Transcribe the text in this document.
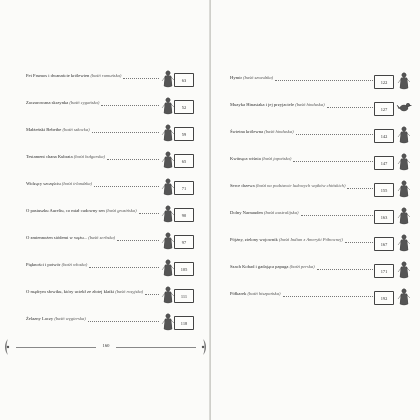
Fet Frumos i dwanaście królewien (baśń rumuńska)
63
Zaczarowana skrzynka (baśń cygańska)
52
Małżeński Bebetbe (baśń szkocka)
59
Testament chana Kubrata (baśń bułgarska)
65
Widzący szczęściu (baśń irlandzka)
71
O pastuszku Aureliu, co miał cudowny sen (baśń gruzińska)
90
O zmiennożen siódemi w wężu... (baśń serbska)
97
Piękności i potwór (baśń włoska)
105
O mądrym słowiku, który uciekł ze złotej klatki (baśń rosyjska)
111
Żelazny Laczy (baśń węgierska)
118
Hymir (baśń szwedzka)
122
Muzyka Hinasiaka i jej przyjaciele (baśń hinduska)
127
Świetna królewna (baśń hinduska)
142
Kwitnąca wiśnia (baśń japońska)
147
Serce drzewa (baśń na podstawie ludowych wątków chińskich)
155
Dolny Narnauden (baśń australijska)
163
Pójżny, zielony wojownik (baśń Indian z Ameryki Północnej)
167
Szach Kobad i gadająca papuga (baśń perska)
171
Półkarek (baśń hiszpańska)
192
160
